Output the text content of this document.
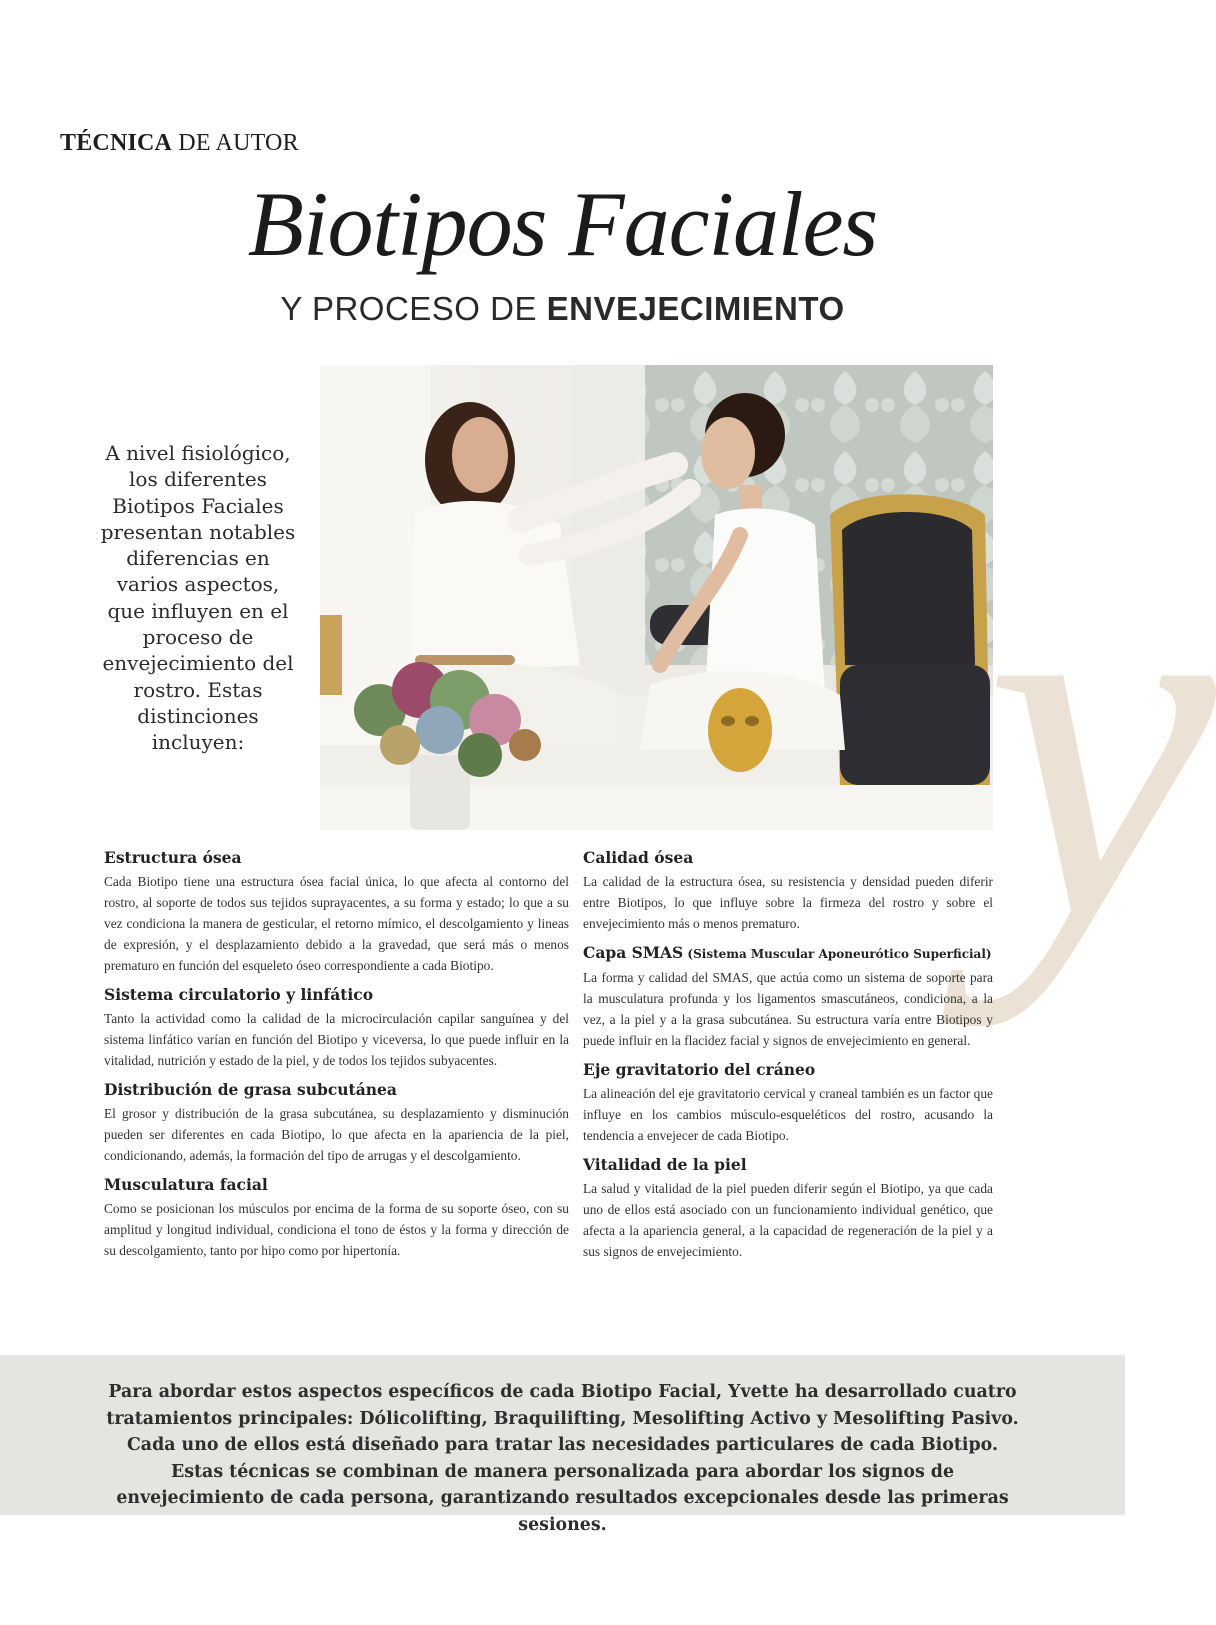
TÉCNICA DE AUTOR
Biotipos Faciales
Y PROCESO DE ENVEJECIMIENTO
A nivel fisiológico, los diferentes Biotipos Faciales presentan notables diferencias en varios aspectos, que influyen en el proceso de envejecimiento del rostro. Estas distinciones incluyen: y
Estructura ósea

Cada Biotipo tiene una estructura ósea facial única, lo que afecta al contorno del rostro, al soporte de todos sus tejidos suprayacentes, a su forma y estado; lo que a su vez condiciona la manera de gesticular, el retorno mímico, el descolgamiento y lineas de expresión, y el desplazamiento debido a la gravedad, que será más o menos prematuro en función del esqueleto óseo correspondiente a cada Biotipo.

Sistema circulatorio y linfático

Tanto la actividad como la calidad de la microcirculación capilar sanguínea y del sistema linfático varían en función del Biotipo y viceversa, lo que puede influir en la vitalidad, nutrición y estado de la piel, y de todos los tejidos subyacentes.

Distribución de grasa subcutánea

El grosor y distribución de la grasa subcutánea, su desplazamiento y disminución pueden ser diferentes en cada Biotipo, lo que afecta en la apariencia de la piel, condicionando, además, la formación del tipo de arrugas y el descolgamiento.

Musculatura facial

Como se posicionan los músculos por encima de la forma de su soporte óseo, con su amplitud y longitud individual, condiciona el tono de éstos y la forma y dirección de su descolgamiento, tanto por hipo como por hipertonía.

Calidad ósea

La calidad de la estructura ósea, su resistencia y densidad pueden diferir entre Biotipos, lo que influye sobre la firmeza del rostro y sobre el envejecimiento más o menos prematuro.

Capa SMAS (Sistema Muscular Aponeurótico Superficial)

La forma y calidad del SMAS, que actúa como un sistema de soporte para la musculatura profunda y los ligamentos smascutáneos, condiciona, a la vez, a la piel y a la grasa subcutánea. Su estructura varía entre Biotipos y puede influir en la flacidez facial y signos de envejecimiento en general.

Eje gravitatorio del cráneo

La alineación del eje gravitatorio cervical y craneal también es un factor que influye en los cambios músculo-esqueléticos del rostro, acusando la tendencia a envejecer de cada Biotipo.

Vitalidad de la piel

La salud y vitalidad de la piel pueden diferir según el Biotipo, ya que cada uno de ellos está asociado con un funcionamiento individual genético, que afecta a la apariencia general, a la capacidad de regeneración de la piel y a sus signos de envejecimiento.

Para abordar estos aspectos específicos de cada Biotipo Facial, Yvette ha desarrollado cuatro tratamientos principales: Dólicolifting, Braquilifting, Mesolifting Activo y Mesolifting Pasivo. Cada uno de ellos está diseñado para tratar las necesidades particulares de cada Biotipo. Estas técnicas se combinan de manera personalizada para abordar los signos de envejecimiento de cada persona, garantizando resultados excepcionales desde las primeras sesiones.
